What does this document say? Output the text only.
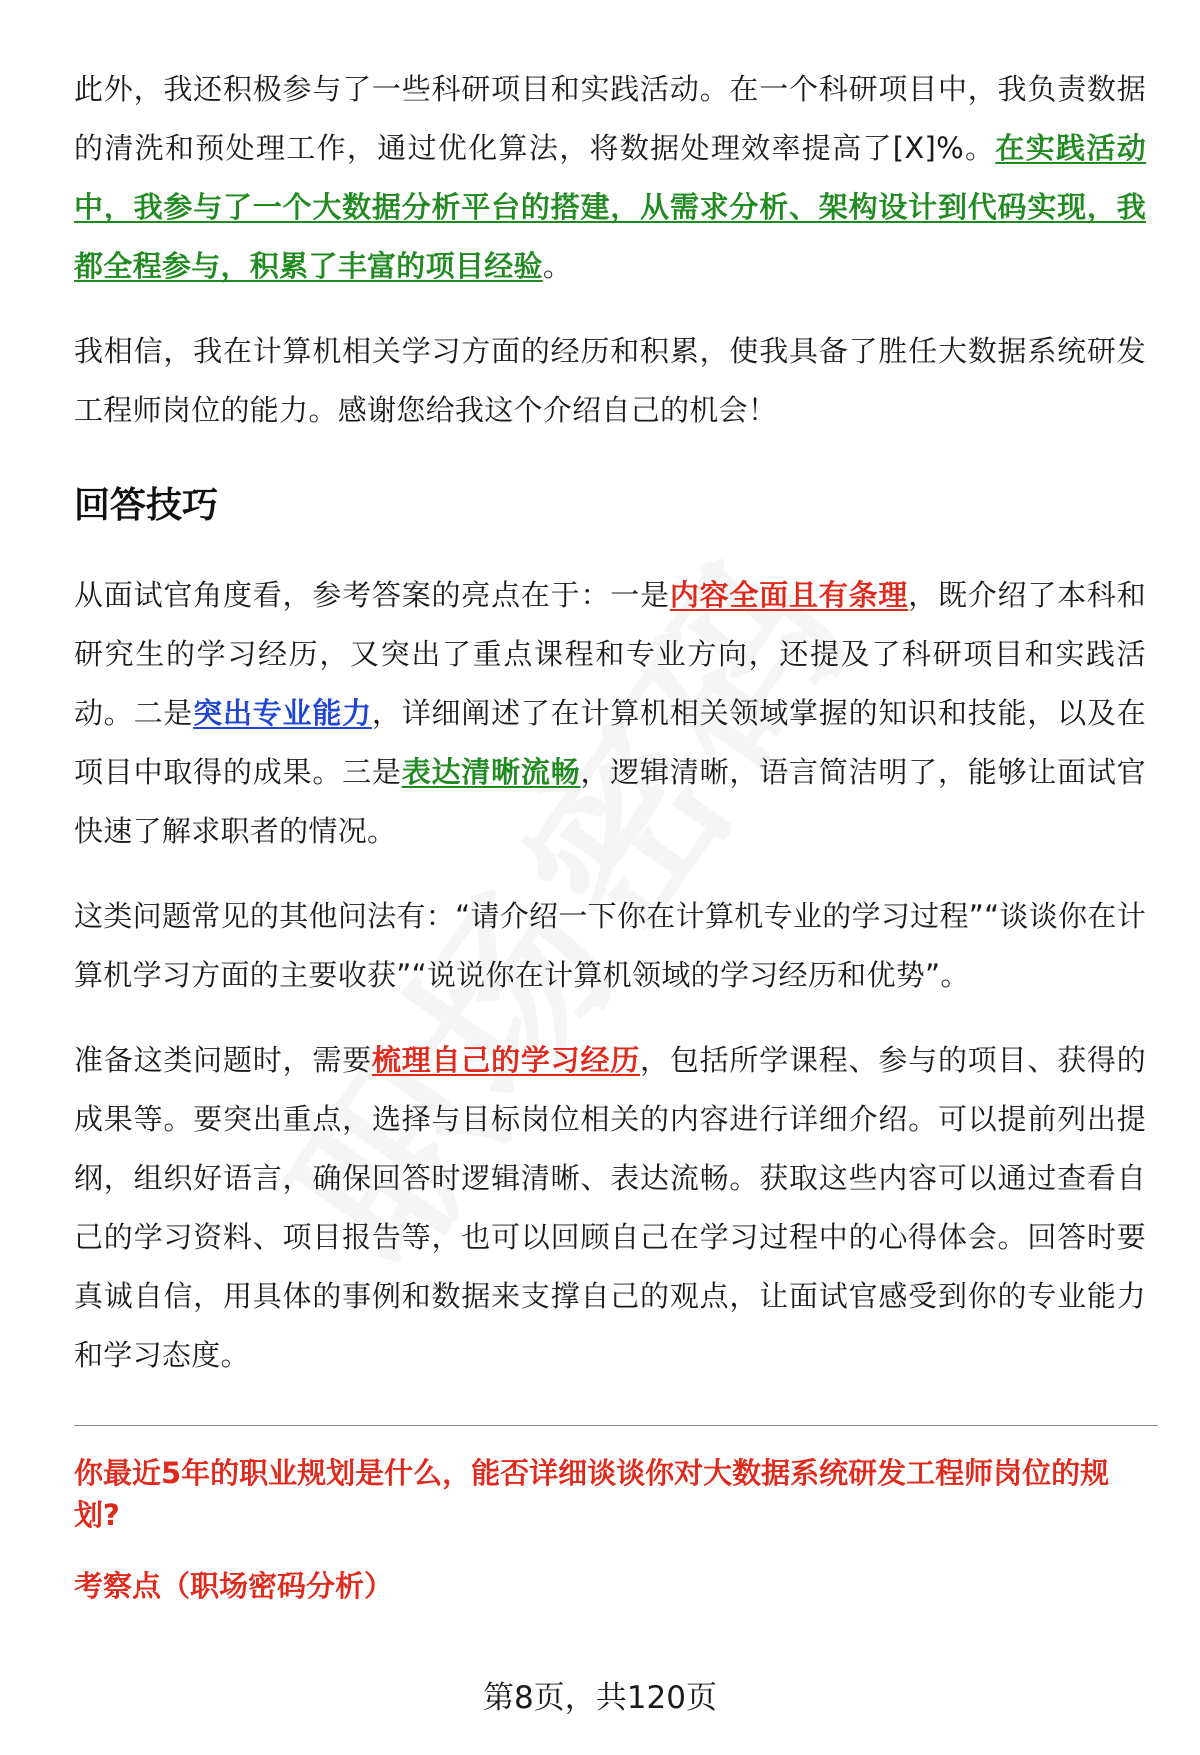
此外，我还积极参与了一些科研项目和实践活动。在一个科研项目中，我负责数据的清洗和预处理工作，通过优化算法，将数据处理效率提高了[X]%。在实践活动中，我参与了一个大数据分析平台的搭建，从需求分析、架构设计到代码实现，我都全程参与，积累了丰富的项目经验。

我相信，我在计算机相关学习方面的经历和积累，使我具备了胜任大数据系统研发工程师岗位的能力。感谢您给我这个介绍自己的机会！

回答技巧

从面试官角度看，参考答案的亮点在于：一是内容全面且有条理，既介绍了本科和研究生的学习经历，又突出了重点课程和专业方向，还提及了科研项目和实践活动。二是突出专业能力，详细阐述了在计算机相关领域掌握的知识和技能，以及在项目中取得的成果。三是表达清晰流畅，逻辑清晰，语言简洁明了，能够让面试官快速了解求职者的情况。

这类问题常见的其他问法有：“请介绍一下你在计算机专业的学习过程”“谈谈你在计算机学习方面的主要收获”“说说你在计算机领域的学习经历和优势”。

准备这类问题时，需要梳理自己的学习经历，包括所学课程、参与的项目、获得的成果等。要突出重点，选择与目标岗位相关的内容进行详细介绍。可以提前列出提纲，组织好语言，确保回答时逻辑清晰、表达流畅。获取这些内容可以通过查看自己的学习资料、项目报告等，也可以回顾自己在学习过程中的心得体会。回答时要真诚自信，用具体的事例和数据来支撑自己的观点，让面试官感受到你的专业能力和学习态度。

你最近5年的职业规划是什么，能否详细谈谈你对大数据系统研发工程师岗位的规划?
考察点（职场密码分析）
第8页，共120页
